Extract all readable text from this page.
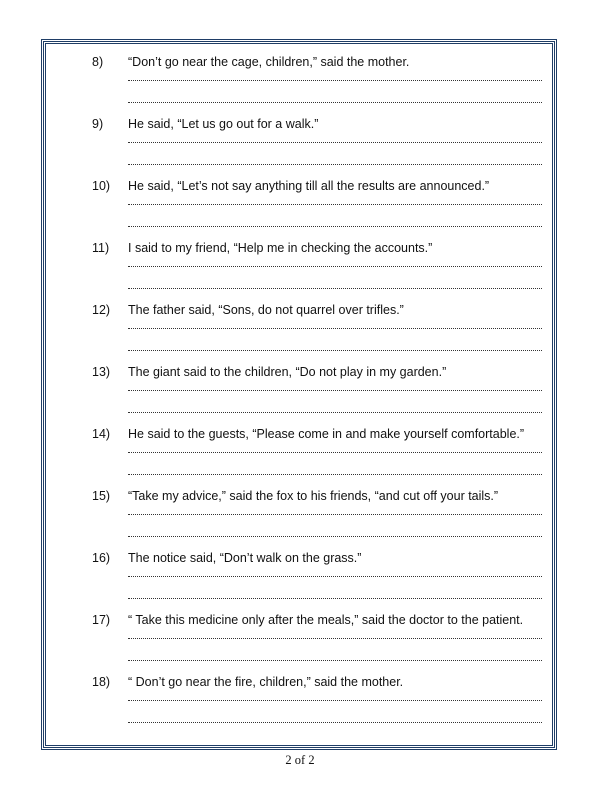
8) “Don’t go near the cage, children,” said the mother.
9) He said, “Let us go out for a walk.”
10) He said, “Let’s not say anything till all the results are announced.”
11) I said to my friend, “Help me in checking the accounts.”
12) The father said, “Sons, do not quarrel over trifles.”
13) The giant said to the children, “Do not play in my garden.”
14) He said to the guests, “Please come in and make yourself comfortable.”
15) “Take my advice,” said the fox to his friends, “and cut off your tails.”
16) The notice said, “Don’t walk on the grass.”
17) “ Take this medicine only after the meals,” said the doctor to the patient.
18) “ Don’t go near the fire, children,” said the mother.
2 of 2
